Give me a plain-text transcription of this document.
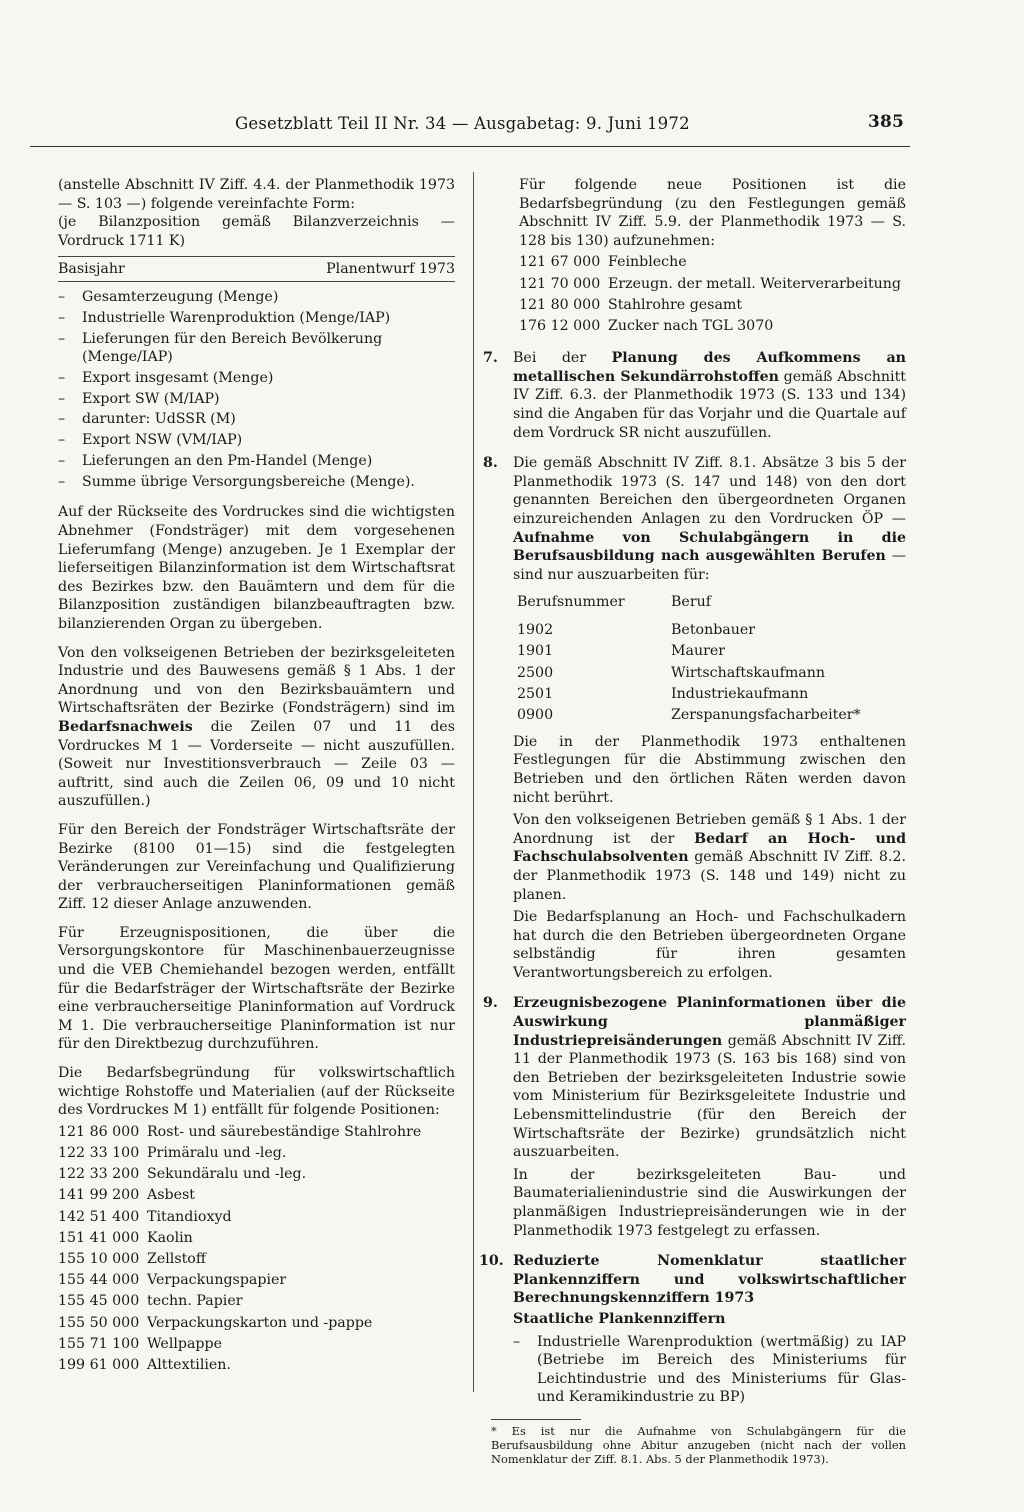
Gesetzblatt Teil II Nr. 34 — Ausgabetag: 9. Juni 1972	385
(anstelle Abschnitt IV Ziff. 4.4. der Planmethodik 1973 — S. 103 —) folgende vereinfachte Form:
(je Bilanzposition gemäß Bilanzverzeichnis — Vordruck 1711 K)
Basisjahr	Planentwurf 1973
– Gesamterzeugung (Menge)
– Industrielle Warenproduktion (Menge/IAP)
– Lieferungen für den Bereich Bevölkerung (Menge/IAP)
– Export insgesamt (Menge)
– Export SW (M/IAP)
– darunter: UdSSR (M)
– Export NSW (VM/IAP)
– Lieferungen an den Pm-Handel (Menge)
– Summe übrige Versorgungsbereiche (Menge).
Auf der Rückseite des Vordruckes sind die wichtigsten Abnehmer (Fondsträger) mit dem vorgesehenen Lieferumfang (Menge) anzugeben. Je 1 Exemplar der lieferseitigen Bilanzinformation ist dem Wirtschaftsrat des Bezirkes bzw. den Bauämtern und dem für die Bilanzposition zuständigen bilanzbeauftragten bzw. bilanzierenden Organ zu übergeben.
Von den volkseigenen Betrieben der bezirksgeleiteten Industrie und des Bauwesens gemäß § 1 Abs. 1 der Anordnung und von den Bezirksbauämtern und Wirtschaftsräten der Bezirke (Fondsträgern) sind im Bedarfsnachweis die Zeilen 07 und 11 des Vordruckes M 1 — Vorderseite — nicht auszufüllen. (Soweit nur Investitionsverbrauch — Zeile 03 — auftritt, sind auch die Zeilen 06, 09 und 10 nicht auszufüllen.)
Für den Bereich der Fondsträger Wirtschaftsräte der Bezirke (8100 01—15) sind die festgelegten Veränderungen zur Vereinfachung und Qualifizierung der verbraucherseitigen Planinformationen gemäß Ziff. 12 dieser Anlage anzuwenden.
Für Erzeugnispositionen, die über die Versorgungskontore für Maschinenbauerzeugnisse und die VEB Chemiehandel bezogen werden, entfällt für die Bedarfsträger der Wirtschaftsräte der Bezirke eine verbraucherseitige Planinformation auf Vordruck M 1. Die verbraucherseitige Planinformation ist nur für den Direktbezug durchzuführen.
Die Bedarfsbegründung für volkswirtschaftlich wichtige Rohstoffe und Materialien (auf der Rückseite des Vordruckes M 1) entfällt für folgende Positionen:
121 86 000	Rost- und säurebeständige Stahlrohre
122 33 100	Primäralu und -leg.
122 33 200	Sekundäralu und -leg.
141 99 200	Asbest
142 51 400	Titandioxyd
151 41 000	Kaolin
155 10 000	Zellstoff
155 44 000	Verpackungspapier
155 45 000	techn. Papier
155 50 000	Verpackungskarton und -pappe
155 71 100	Wellpappe
199 61 000	Alttextilien.
Für folgende neue Positionen ist die Bedarfsbegründung (zu den Festlegungen gemäß Abschnitt IV Ziff. 5.9. der Planmethodik 1973 — S. 128 bis 130) aufzunehmen:
121 67 000	Feinbleche
121 70 000	Erzeugn. der metall. Weiterverarbeitung
121 80 000	Stahlrohre gesamt
176 12 000	Zucker nach TGL 3070
7. Bei der Planung des Aufkommens an metallischen Sekundärrohstoffen gemäß Abschnitt IV Ziff. 6.3. der Planmethodik 1973 (S. 133 und 134) sind die Angaben für das Vorjahr und die Quartale auf dem Vordruck SR nicht auszufüllen.
8. Die gemäß Abschnitt IV Ziff. 8.1. Absätze 3 bis 5 der Planmethodik 1973 (S. 147 und 148) von den dort genannten Bereichen den übergeordneten Organen einzureichenden Anlagen zu den Vordrucken ÖP — Aufnahme von Schulabgängern in die Berufsausbildung nach ausgewählten Berufen — sind nur auszuarbeiten für:
Berufsnummer	Beruf
1902	Betonbauer
1901	Maurer
2500	Wirtschaftskaufmann
2501	Industriekaufmann
0900	Zerspanungsfacharbeiter*
Die in der Planmethodik 1973 enthaltenen Festlegungen für die Abstimmung zwischen den Betrieben und den örtlichen Räten werden davon nicht berührt.
Von den volkseigenen Betrieben gemäß § 1 Abs. 1 der Anordnung ist der Bedarf an Hoch- und Fachschulabsolventen gemäß Abschnitt IV Ziff. 8.2. der Planmethodik 1973 (S. 148 und 149) nicht zu planen.
Die Bedarfsplanung an Hoch- und Fachschulkadern hat durch die den Betrieben übergeordneten Organe selbständig für ihren gesamten Verantwortungsbereich zu erfolgen.
9. Erzeugnisbezogene Planinformationen über die Auswirkung planmäßiger Industriepreisänderungen gemäß Abschnitt IV Ziff. 11 der Planmethodik 1973 (S. 163 bis 168) sind von den Betrieben der bezirksgeleiteten Industrie sowie vom Ministerium für Bezirksgeleitete Industrie und Lebensmittelindustrie (für den Bereich der Wirtschaftsräte der Bezirke) grundsätzlich nicht auszuarbeiten.
In der bezirksgeleiteten Bau- und Baumaterialienindustrie sind die Auswirkungen der planmäßigen Industriepreisänderungen wie in der Planmethodik 1973 festgelegt zu erfassen.
10. Reduzierte Nomenklatur staatlicher Plankennziffern und volkswirtschaftlicher Berechnungskennziffern 1973
Staatliche Plankennziffern
– Industrielle Warenproduktion (wertmäßig) zu IAP (Betriebe im Bereich des Ministeriums für Leichtindustrie und des Ministeriums für Glas- und Keramikindustrie zu BP)
* Es ist nur die Aufnahme von Schulabgängern für die Berufsausbildung ohne Abitur anzugeben (nicht nach der vollen Nomenklatur der Ziff. 8.1. Abs. 5 der Planmethodik 1973).
